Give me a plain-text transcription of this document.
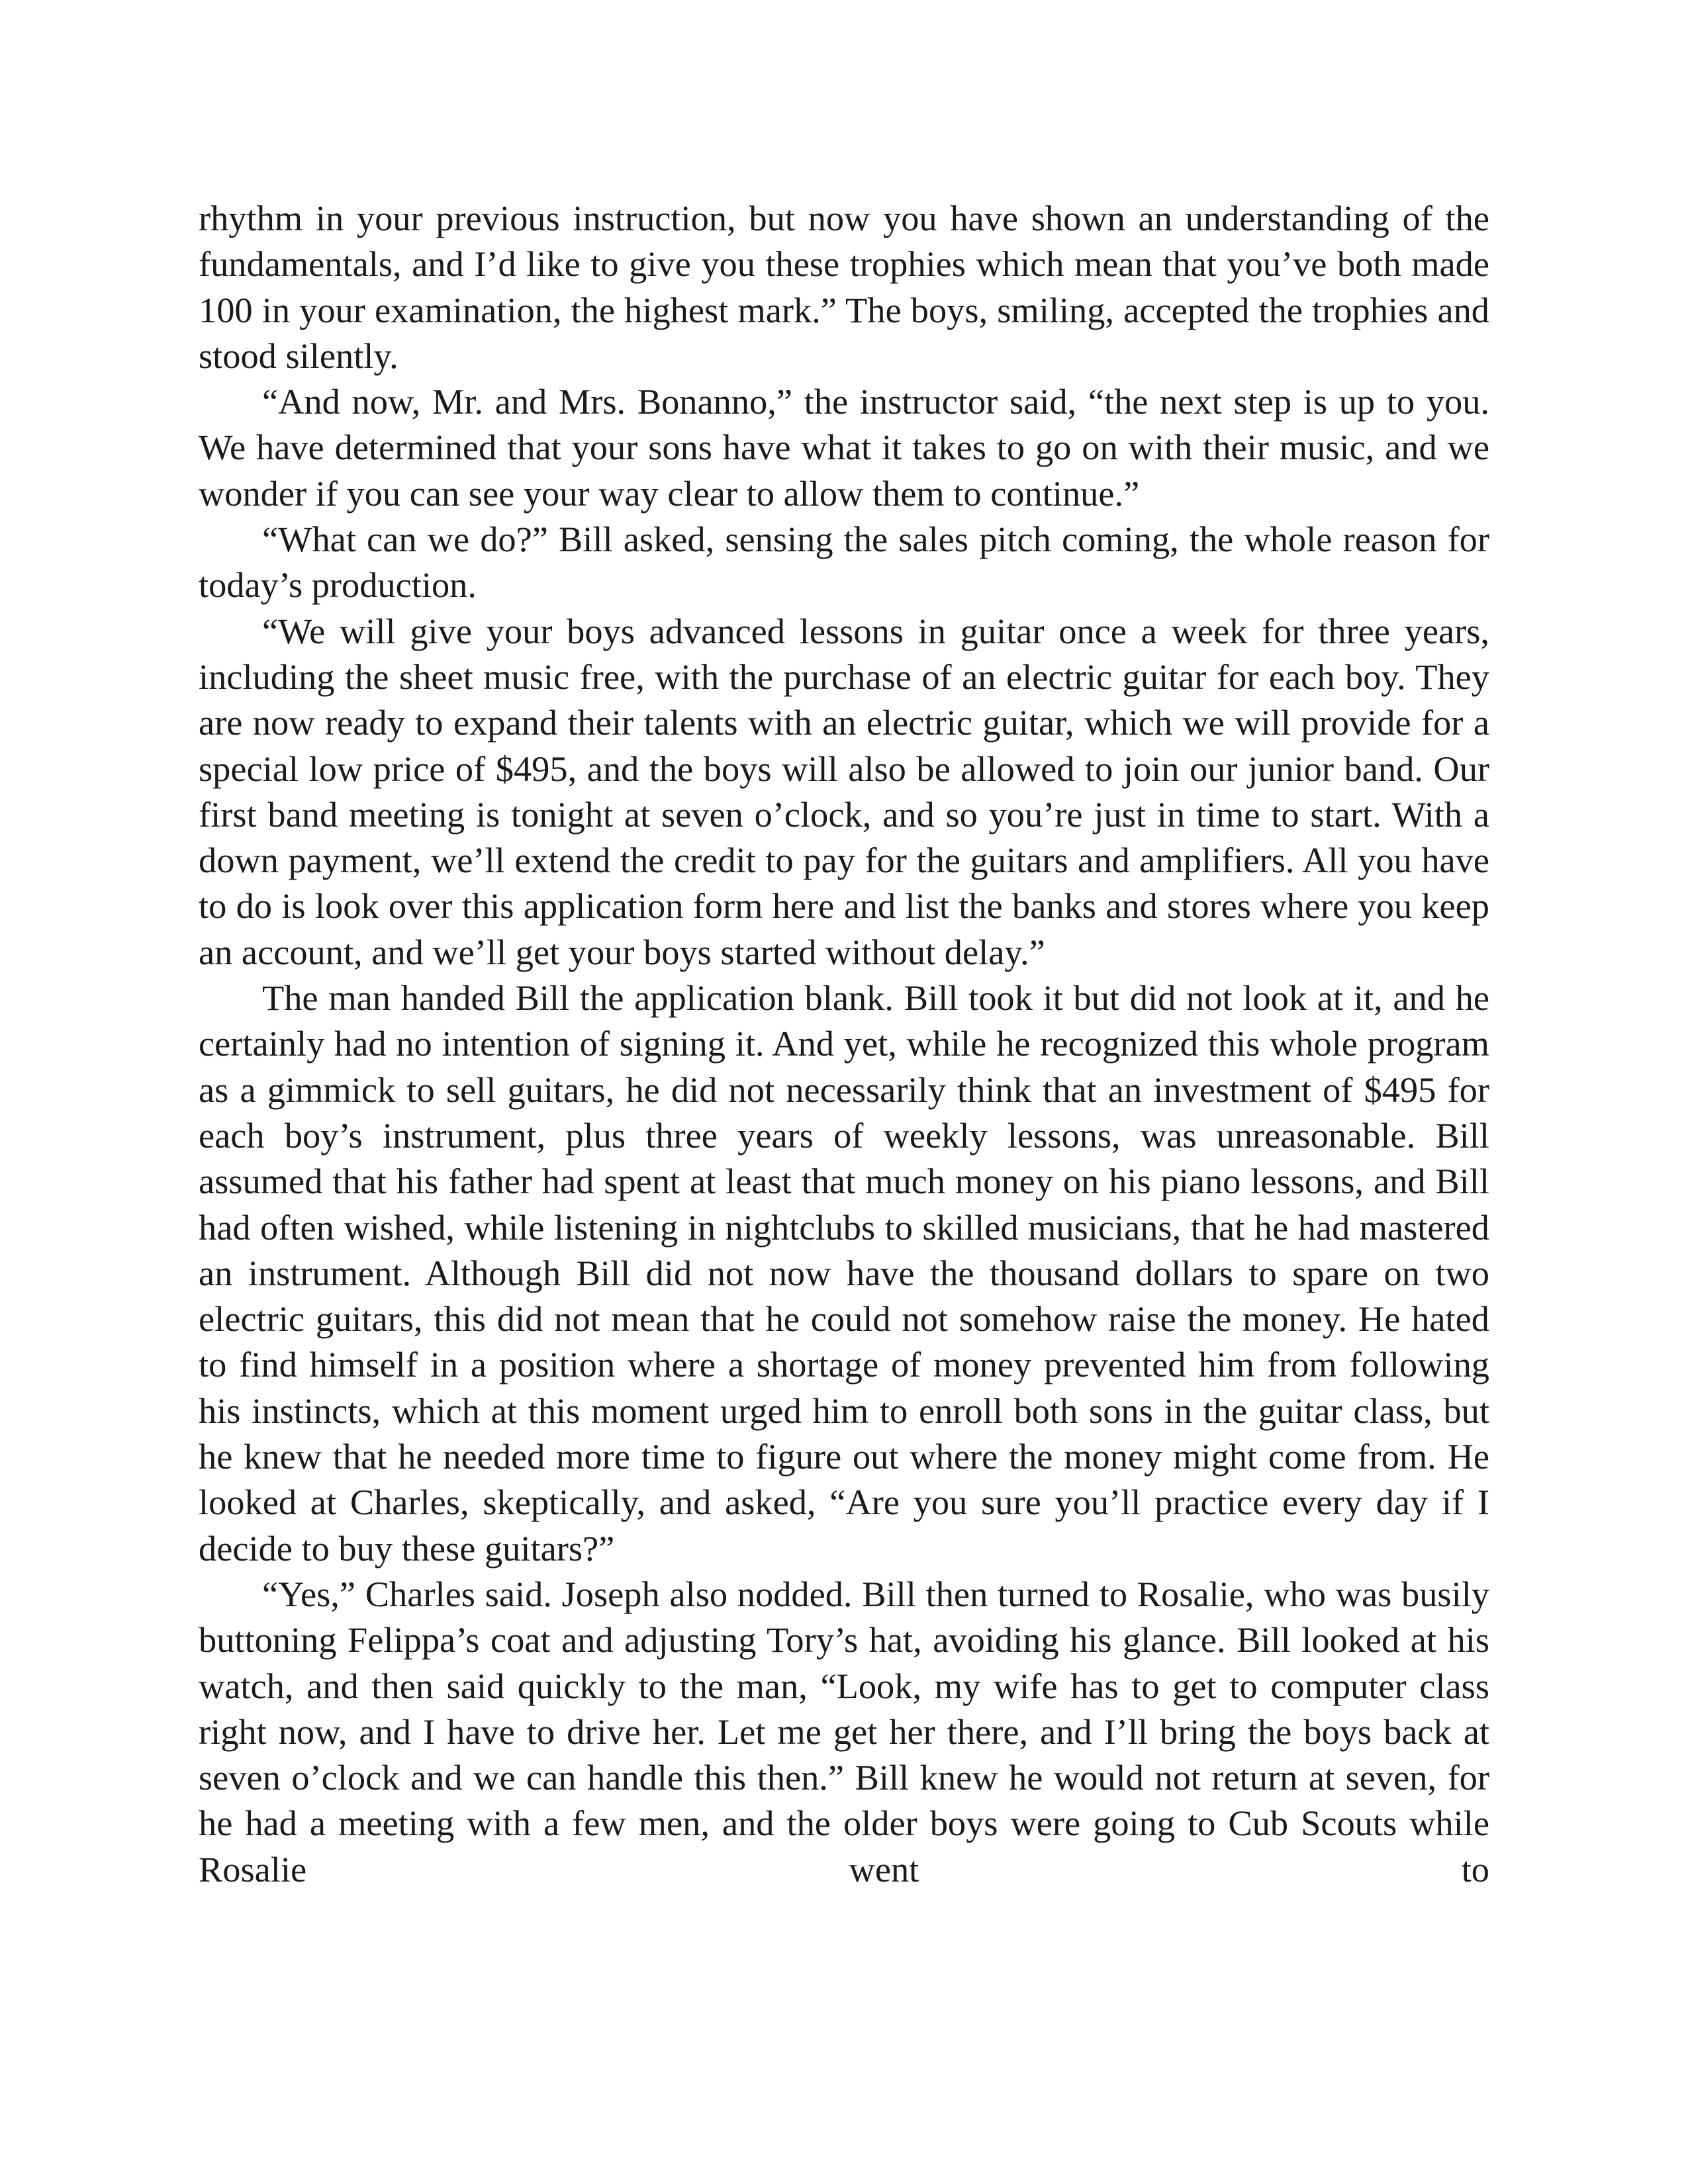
rhythm in your previous instruction, but now you have shown an understanding of the fundamentals, and I’d like to give you these trophies which mean that you’ve both made 100 in your examination, the highest mark.” The boys, smiling, accepted the trophies and stood silently.

“And now, Mr. and Mrs. Bonanno,” the instructor said, “the next step is up to you. We have determined that your sons have what it takes to go on with their music, and we wonder if you can see your way clear to allow them to continue.”

“What can we do?” Bill asked, sensing the sales pitch coming, the whole reason for today’s production.

“We will give your boys advanced lessons in guitar once a week for three years, including the sheet music free, with the purchase of an electric guitar for each boy. They are now ready to expand their talents with an electric guitar, which we will provide for a special low price of $495, and the boys will also be allowed to join our junior band. Our first band meeting is tonight at seven o’clock, and so you’re just in time to start. With a down payment, we’ll extend the credit to pay for the guitars and amplifiers. All you have to do is look over this application form here and list the banks and stores where you keep an account, and we’ll get your boys started without delay.”

The man handed Bill the application blank. Bill took it but did not look at it, and he certainly had no intention of signing it. And yet, while he recognized this whole program as a gimmick to sell guitars, he did not necessarily think that an investment of $495 for each boy’s instrument, plus three years of weekly lessons, was unreasonable. Bill assumed that his father had spent at least that much money on his piano lessons, and Bill had often wished, while listening in nightclubs to skilled musicians, that he had mastered an instrument. Although Bill did not now have the thousand dollars to spare on two electric guitars, this did not mean that he could not somehow raise the money. He hated to find himself in a position where a shortage of money prevented him from following his instincts, which at this moment urged him to enroll both sons in the guitar class, but he knew that he needed more time to figure out where the money might come from. He looked at Charles, skeptically, and asked, “Are you sure you’ll practice every day if I decide to buy these guitars?”

“Yes,” Charles said. Joseph also nodded. Bill then turned to Rosalie, who was busily buttoning Felippa’s coat and adjusting Tory’s hat, avoiding his glance. Bill looked at his watch, and then said quickly to the man, “Look, my wife has to get to computer class right now, and I have to drive her. Let me get her there, and I’ll bring the boys back at seven o’clock and we can handle this then.” Bill knew he would not return at seven, for he had a meeting with a few men, and the older boys were going to Cub Scouts while Rosalie went to
